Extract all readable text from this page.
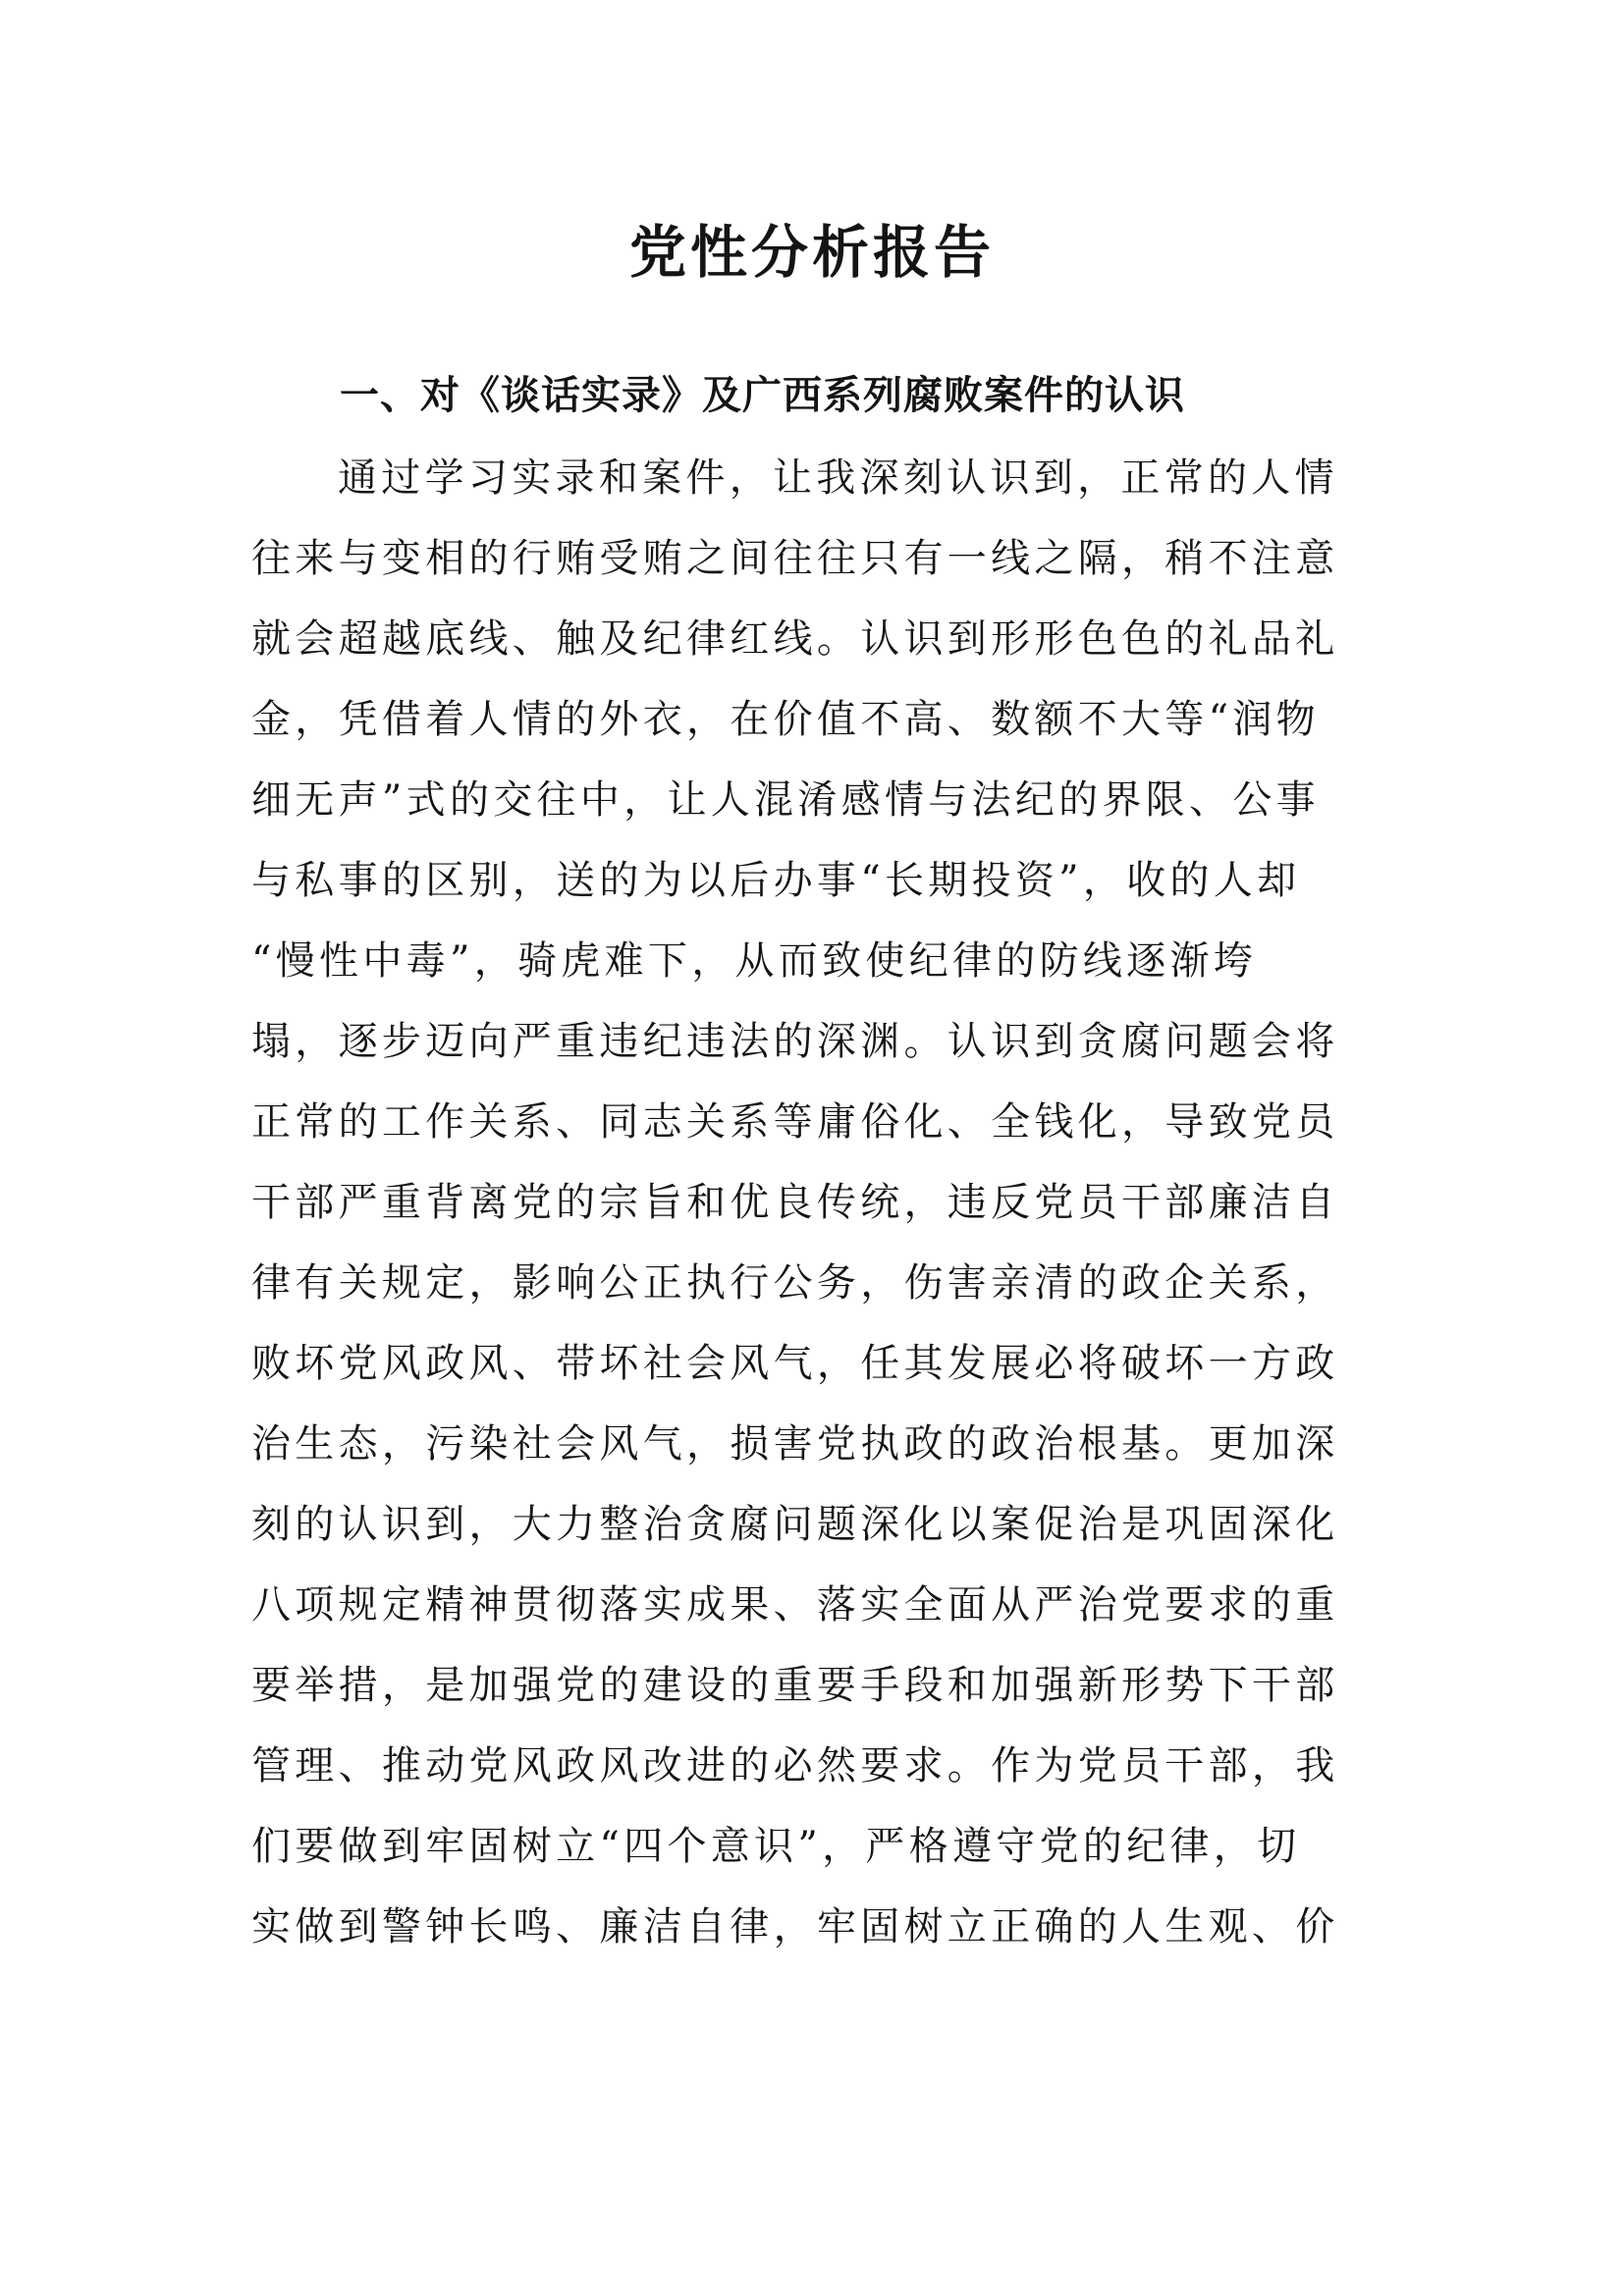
党性分析报告
一、对《谈话实录》及广西系列腐败案件的认识
通过学习实录和案件，让我深刻认识到，正常的人情
往来与变相的行贿受贿之间往往只有一线之隔，稍不注意
就会超越底线、触及纪律红线。认识到形形色色的礼品礼
金，凭借着人情的外衣，在价值不高、数额不大等“润物
细无声”式的交往中，让人混淆感情与法纪的界限、公事
与私事的区别，送的为以后办事“长期投资”，收的人却
“慢性中毒”，骑虎难下，从而致使纪律的防线逐渐垮
塌，逐步迈向严重违纪违法的深渊。认识到贪腐问题会将
正常的工作关系、同志关系等庸俗化、全钱化，导致党员
干部严重背离党的宗旨和优良传统，违反党员干部廉洁自
律有关规定，影响公正执行公务，伤害亲清的政企关系，
败坏党风政风、带坏社会风气，任其发展必将破坏一方政
治生态，污染社会风气，损害党执政的政治根基。更加深
刻的认识到，大力整治贪腐问题深化以案促治是巩固深化
八项规定精神贯彻落实成果、落实全面从严治党要求的重
要举措，是加强党的建设的重要手段和加强新形势下干部
管理、推动党风政风改进的必然要求。作为党员干部，我
们要做到牢固树立“四个意识”，严格遵守党的纪律，切
实做到警钟长鸣、廉洁自律，牢固树立正确的人生观、价
